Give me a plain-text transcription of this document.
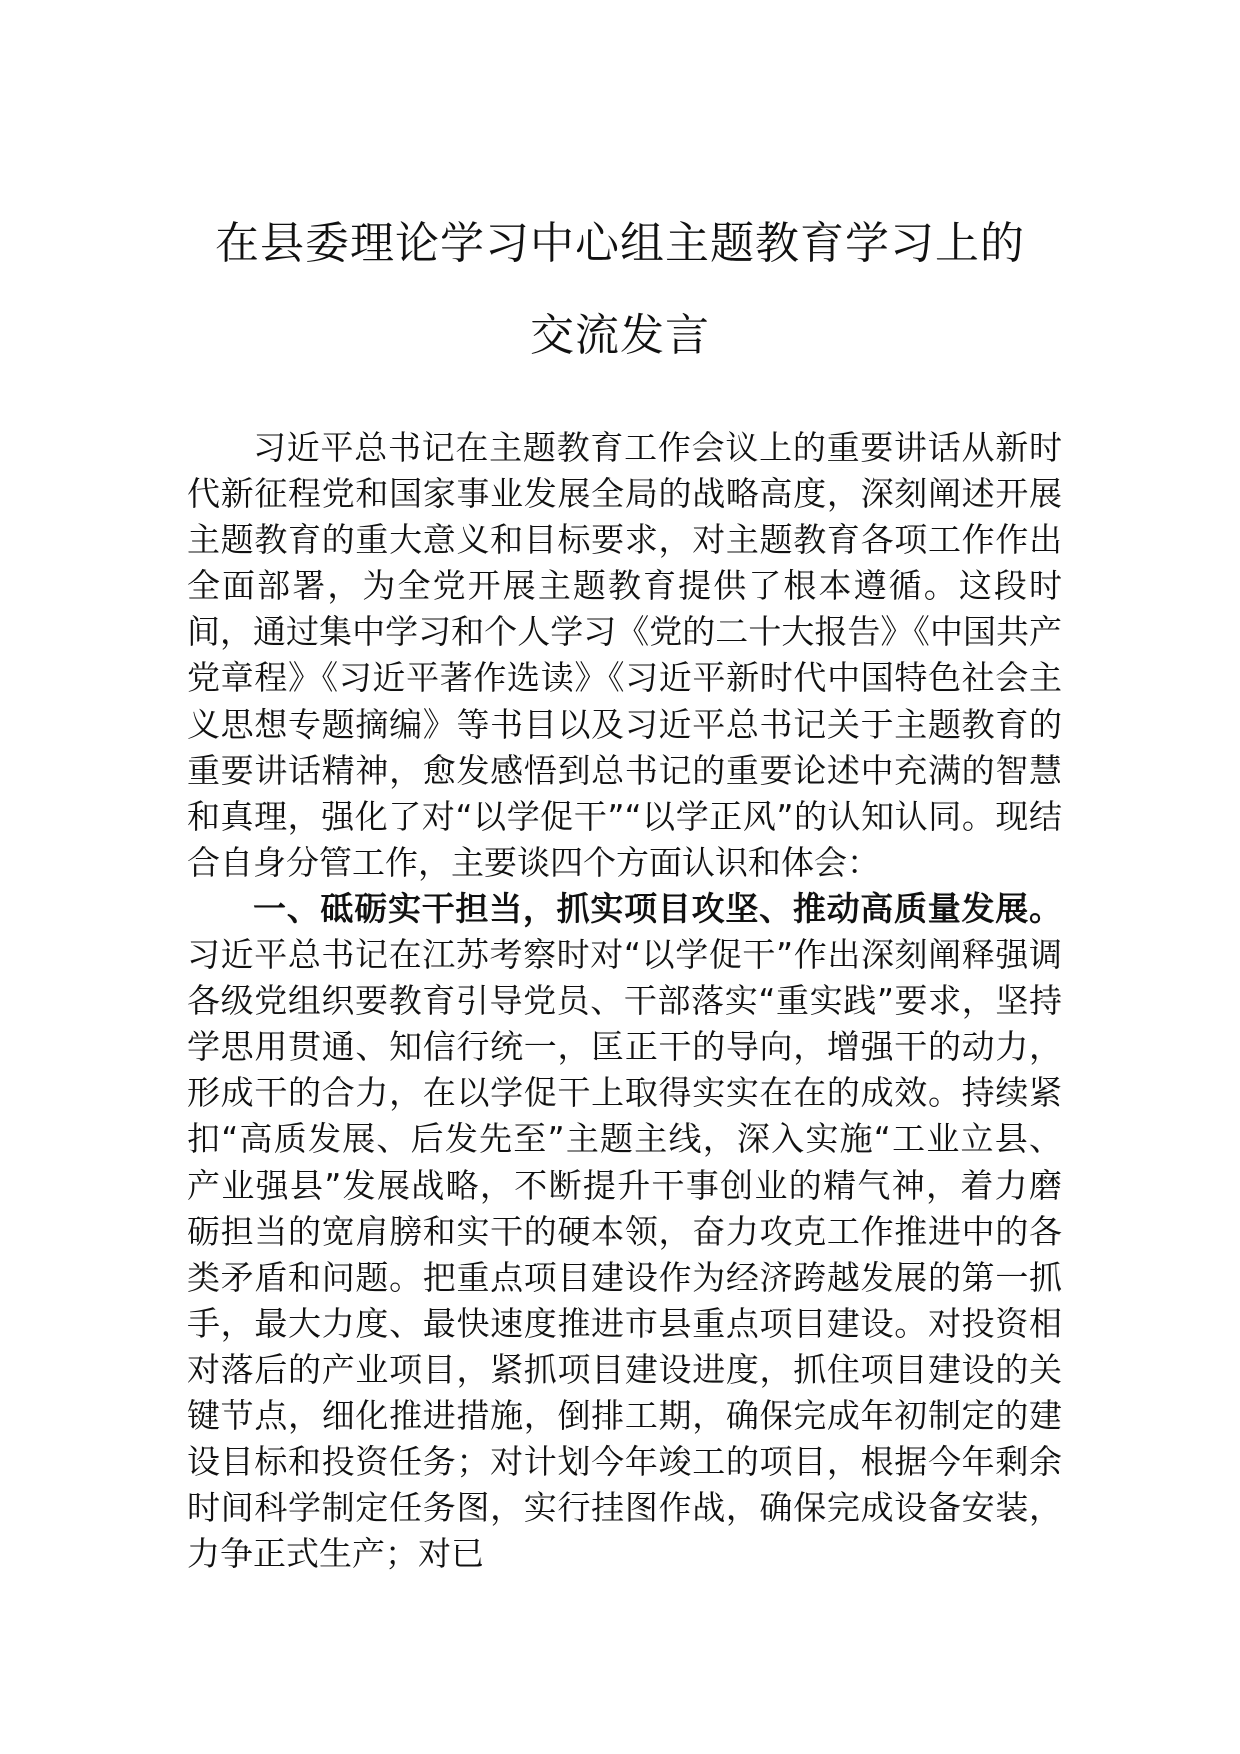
在县委理论学习中心组主题教育学习上的
交流发言

习近平总书记在主题教育工作会议上的重要讲话从新时代新征程党和国家事业发展全局的战略高度，深刻阐述开展主题教育的重大意义和目标要求，对主题教育各项工作作出全面部署，为全党开展主题教育提供了根本遵循。这段时间，通过集中学习和个人学习《党的二十大报告》《中国共产党章程》《习近平著作选读》《习近平新时代中国特色社会主义思想专题摘编》等书目以及习近平总书记关于主题教育的重要讲话精神，愈发感悟到总书记的重要论述中充满的智慧和真理，强化了对“以学促干”“以学正风”的认知认同。现结合自身分管工作，主要谈四个方面认识和体会：

一、砥砺实干担当，抓实项目攻坚、推动高质量发展。习近平总书记在江苏考察时对“以学促干”作出深刻阐释强调各级党组织要教育引导党员、干部落实“重实践”要求，坚持学思用贯通、知信行统一，匡正干的导向，增强干的动力，形成干的合力，在以学促干上取得实实在在的成效。持续紧扣“高质发展、后发先至”主题主线，深入实施“工业立县、产业强县”发展战略，不断提升干事创业的精气神，着力磨砺担当的宽肩膀和实干的硬本领，奋力攻克工作推进中的各类矛盾和问题。把重点项目建设作为经济跨越发展的第一抓手，最大力度、最快速度推进市县重点项目建设。对投资相对落后的产业项目，紧抓项目建设进度，抓住项目建设的关键节点，细化推进措施，倒排工期，确保完成年初制定的建设目标和投资任务；对计划今年竣工的项目，根据今年剩余时间科学制定任务图，实行挂图作战，确保完成设备安装，力争正式生产；对已
